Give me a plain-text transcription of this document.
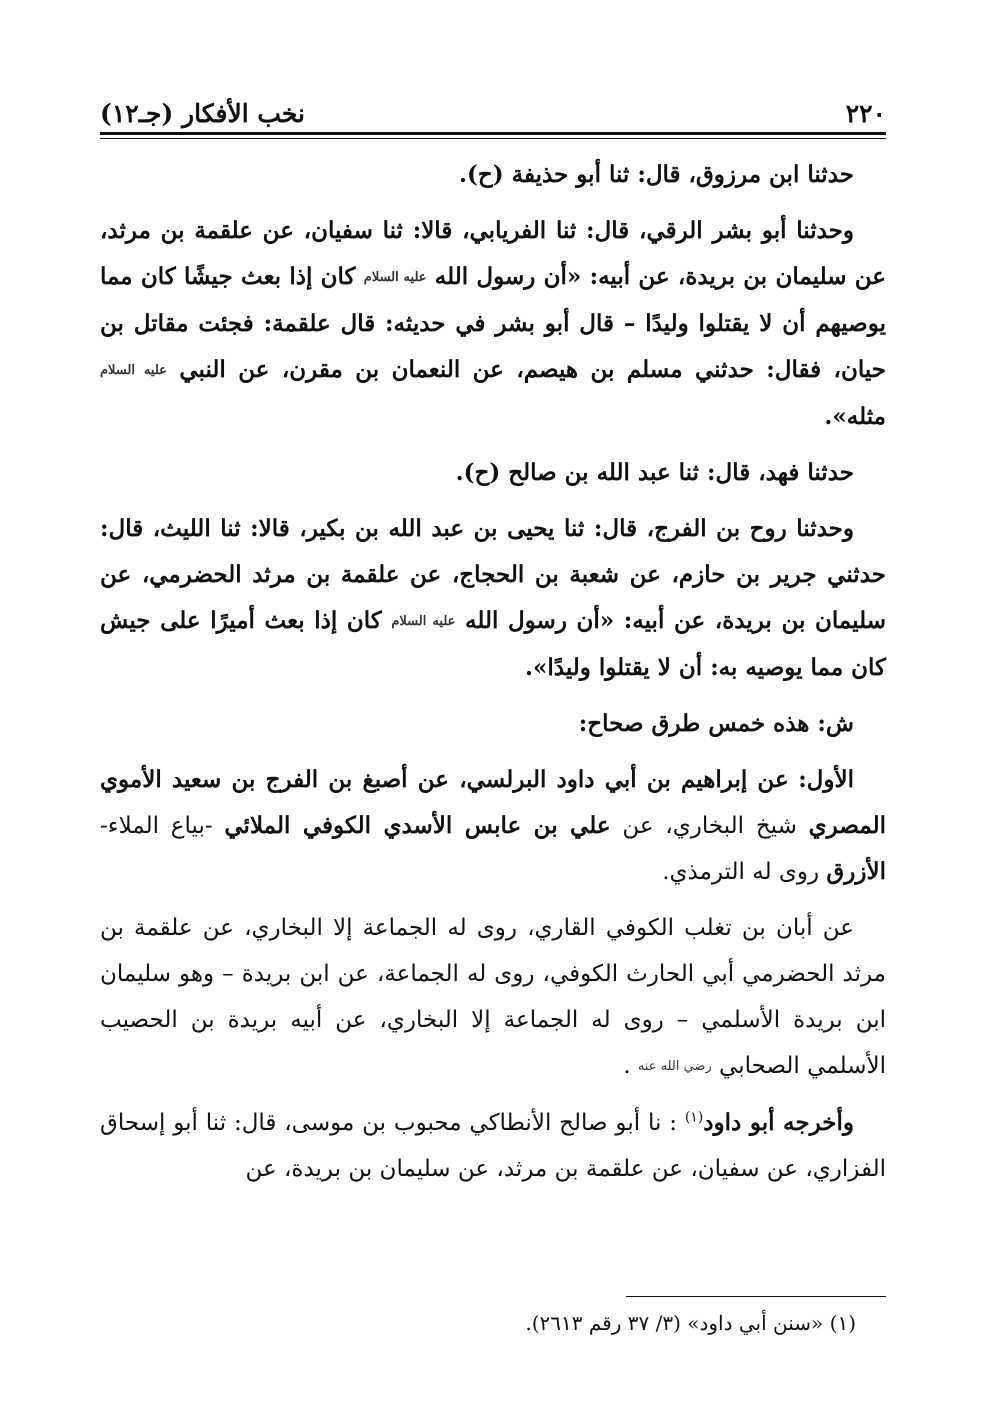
٢٢٠
نخب الأفكار (جـ١٢)

حدثنا ابن مرزوق، قال: ثنا أبو حذيفة (ح).

وحدثنا أبو بشر الرقي، قال: ثنا الفريابي، قالا: ثنا سفيان، عن علقمة بن مرثد، عن سليمان بن بريدة، عن أبيه: «أن رسول الله عليه السلام كان إذا بعث جيشًا كان مما يوصيهم أن لا يقتلوا وليدًا – قال أبو بشر في حديثه: قال علقمة: فجئت مقاتل بن حيان، فقال: حدثني مسلم بن هيصم، عن النعمان بن مقرن، عن النبي عليه السلام مثله».

حدثنا فهد، قال: ثنا عبد الله بن صالح (ح).

وحدثنا روح بن الفرج، قال: ثنا يحيى بن عبد الله بن بكير، قالا: ثنا الليث، قال: حدثني جرير بن حازم، عن شعبة بن الحجاج، عن علقمة بن مرثد الحضرمي، عن سليمان بن بريدة، عن أبيه: «أن رسول الله عليه السلام كان إذا بعث أميرًا على جيش كان مما يوصيه به: أن لا يقتلوا وليدًا».

ش: هذه خمس طرق صحاح:

الأول: عن إبراهيم بن أبي داود البرلسي، عن أصبغ بن الفرج بن سعيد الأموي المصري شيخ البخاري، عن علي بن عابس الأسدي الكوفي الملائي -بياع الملاء- الأزرق روى له الترمذي.

عن أبان بن تغلب الكوفي القاري، روى له الجماعة إلا البخاري، عن علقمة بن مرثد الحضرمي أبي الحارث الكوفي، روى له الجماعة، عن ابن بريدة – وهو سليمان ابن بريدة الأسلمي – روى له الجماعة إلا البخاري، عن أبيه بريدة بن الحصيب الأسلمي الصحابي رضي الله عنه .

وأخرجه أبو داود$^{(١)}$ : نا أبو صالح الأنطاكي محبوب بن موسى، قال: ثنا أبو إسحاق الفزاري، عن سفيان، عن علقمة بن مرثد، عن سليمان بن بريدة، عن

(١) «سنن أبي داود» (٣/ ٣٧ رقم ٢٦١٣).
